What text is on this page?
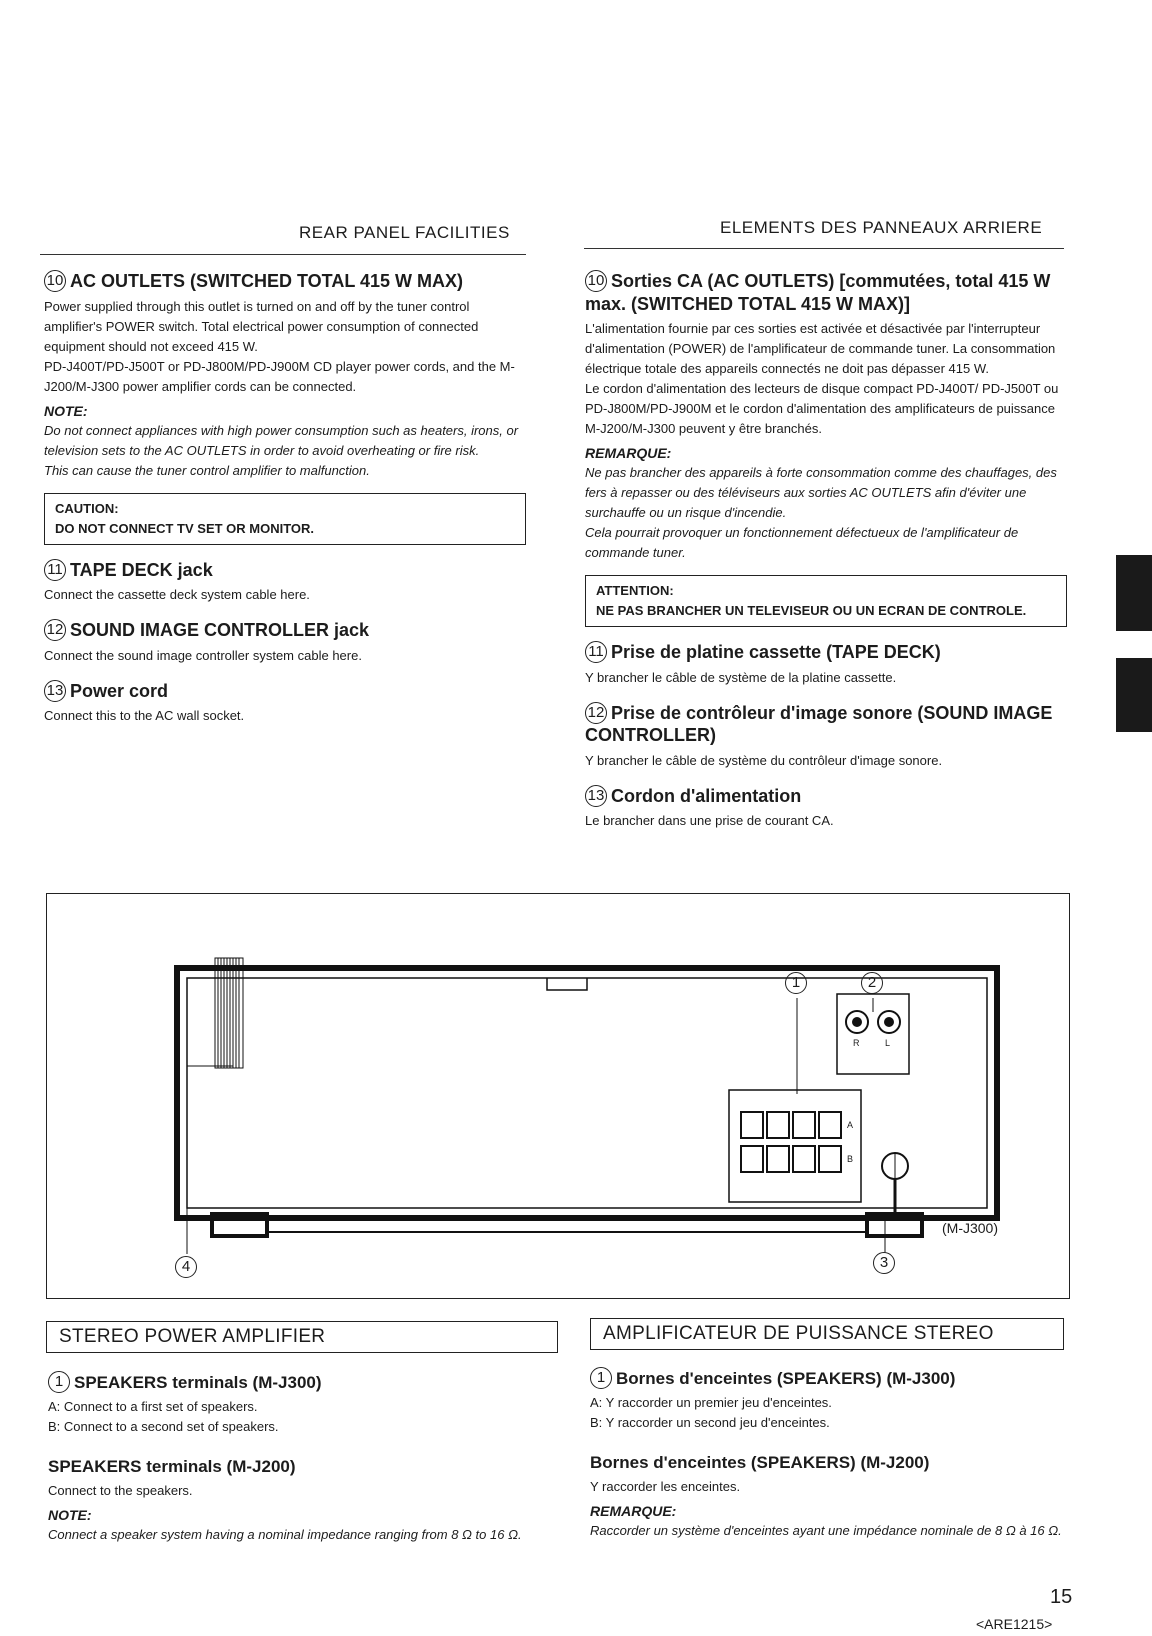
REAR PANEL FACILITIES	ELEMENTS DES PANNEAUX ARRIERE
10 AC OUTLETS (SWITCHED TOTAL 415 W MAX)

Power supplied through this outlet is turned on and off by the tuner control amplifier's POWER switch. Total electrical power consumption of connected equipment should not exceed 415 W.

PD-J400T/PD-J500T or PD-J800M/PD-J900M CD player power cords, and the M-J200/M-J300 power amplifier cords can be connected.

NOTE:

Do not connect appliances with high power consumption such as heaters, irons, or television sets to the AC OUTLETS in order to avoid overheating or fire risk.

This can cause the tuner control amplifier to malfunction.

CAUTION:
DO NOT CONNECT TV SET OR MONITOR.
11 TAPE DECK jack

Connect the cassette deck system cable here.

12 SOUND IMAGE CONTROLLER jack

Connect the sound image controller system cable here.

13 Power cord

Connect this to the AC wall socket.

10 Sorties CA (AC OUTLETS) [commutées, total 415 W max. (SWITCHED TOTAL 415 W MAX)]

L'alimentation fournie par ces sorties est activée et désactivée par l'interrupteur d'alimentation (POWER) de l'amplificateur de commande tuner. La consommation électrique totale des appareils connectés ne doit pas dépasser 415 W.

Le cordon d'alimentation des lecteurs de disque compact PD-J400T/ PD-J500T ou PD-J800M/PD-J900M et le cordon d'alimentation des amplificateurs de puissance M-J200/M-J300 peuvent y être branchés.

REMARQUE:

Ne pas brancher des appareils à forte consommation comme des chauffages, des fers à repasser ou des téléviseurs aux sorties AC OUTLETS afin d'éviter une surchauffe ou un risque d'incendie.

Cela pourrait provoquer un fonctionnement défectueux de l'amplificateur de commande tuner.

ATTENTION:
NE PAS BRANCHER UN TELEVISEUR OU UN ECRAN DE CONTROLE.
11 Prise de platine cassette (TAPE DECK)

Y brancher le câble de système de la platine cassette.

12 Prise de contrôleur d'image sonore (SOUND IMAGE CONTROLLER)

Y brancher le câble de système du contrôleur d'image sonore.

13 Cordon d'alimentation

Le brancher dans une prise de courant CA.

1	2
3
4
R	L
A
B
(M-J300)
STEREO POWER AMPLIFIER
1 SPEAKERS terminals (M-J300)

A: Connect to a first set of speakers.

B: Connect to a second set of speakers.

SPEAKERS terminals (M-J200)

Connect to the speakers.

NOTE:

Connect a speaker system having a nominal impedance ranging from 8 Ω to 16 Ω.

AMPLIFICATEUR DE PUISSANCE STEREO
1 Bornes d'enceintes (SPEAKERS) (M-J300)

A: Y raccorder un premier jeu d'enceintes.

B: Y raccorder un second jeu d'enceintes.

Bornes d'enceintes (SPEAKERS) (M-J200)

Y raccorder les enceintes.

REMARQUE:

Raccorder un système d'enceintes ayant une impédance nominale de 8 Ω à 16 Ω.

15
<ARE1215>
